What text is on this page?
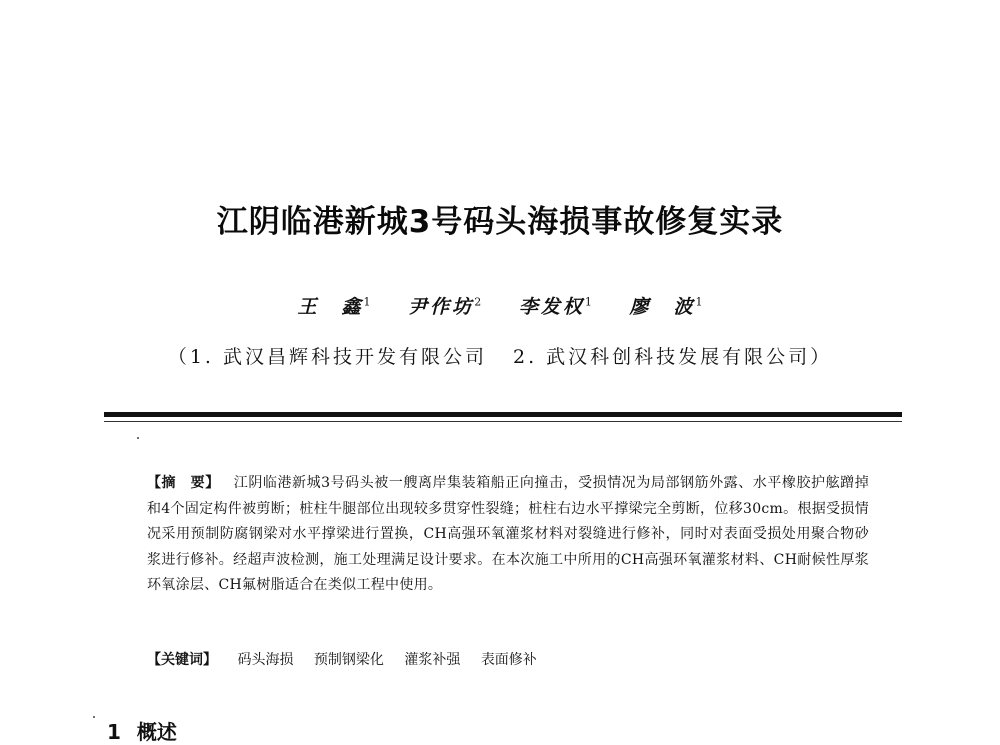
江阴临港新城3号码头海损事故修复实录
王　鑫$^1$ 尹作坊$^2$ 李发权$^1$ 廖　波$^1$
（1. 武汉昌辉科技开发有限公司 2. 武汉科创科技发展有限公司）
【摘　要】 江阴临港新城3号码头被一艘离岸集装箱船正向撞击，受损情况为局部钢筋外露、水平橡胶护舷蹭掉和4个固定构件被剪断；桩柱牛腿部位出现较多贯穿性裂缝；桩柱右边水平撑梁完全剪断，位移30cm。根据受损情况采用预制防腐钢梁对水平撑梁进行置换，CH高强环氧灌浆材料对裂缝进行修补，同时对表面受损处用聚合物砂浆进行修补。经超声波检测，施工处理满足设计要求。在本次施工中所用的CH高强环氧灌浆材料、CH耐候性厚浆环氧涂层、CH氟树脂适合在类似工程中使用。
【关键词】 码头海损 预制钢梁化 灌浆补强 表面修补
1 概述
